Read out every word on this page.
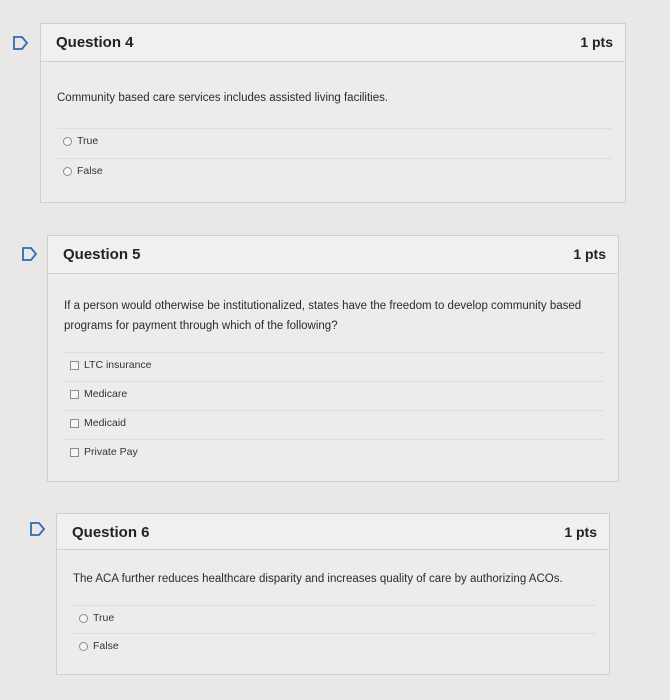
Question 4	1 pts
Community based care services includes assisted living facilities.
True
False
Question 5	1 pts
If a person would otherwise be institutionalized, states have the freedom to develop community based programs for payment through which of the following?
LTC insurance
Medicare
Medicaid
Private Pay
Question 6	1 pts
The ACA further reduces healthcare disparity and increases quality of care by authorizing ACOs.
True
False
